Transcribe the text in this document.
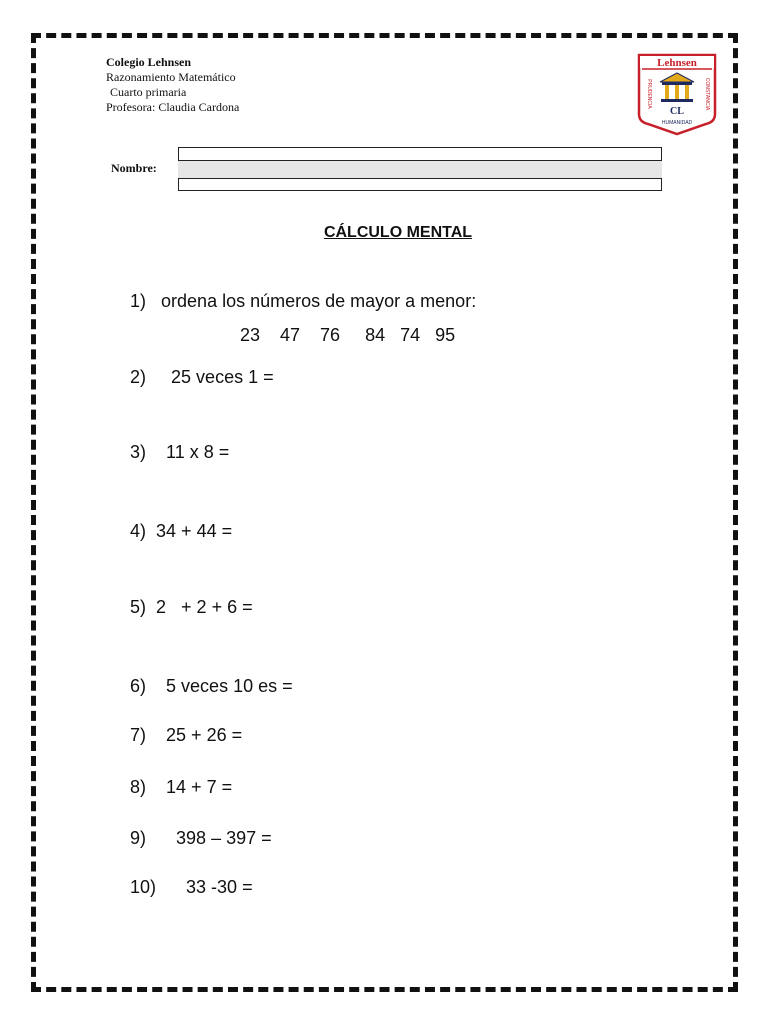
Colegio Lehnsen
Razonamiento Matemático
Cuarto primaria
Profesora: Claudia Cardona
Lehnsen
PRUDENCIA	CONSTANCIA
CL
HUMANIDAD
Nombre:
CÁLCULO MENTAL
1) ordena los números de mayor a menor:
23    47    76     84   74   95
2) 25 veces 1 =
3) 11 x 8 =
4) 34 + 44 =
5) 2   + 2 + 6 =
6) 5 veces 10 es =
7) 25 + 26 =
8) 14 + 7 =
9) 398 – 397 =
10) 33 -30 =
